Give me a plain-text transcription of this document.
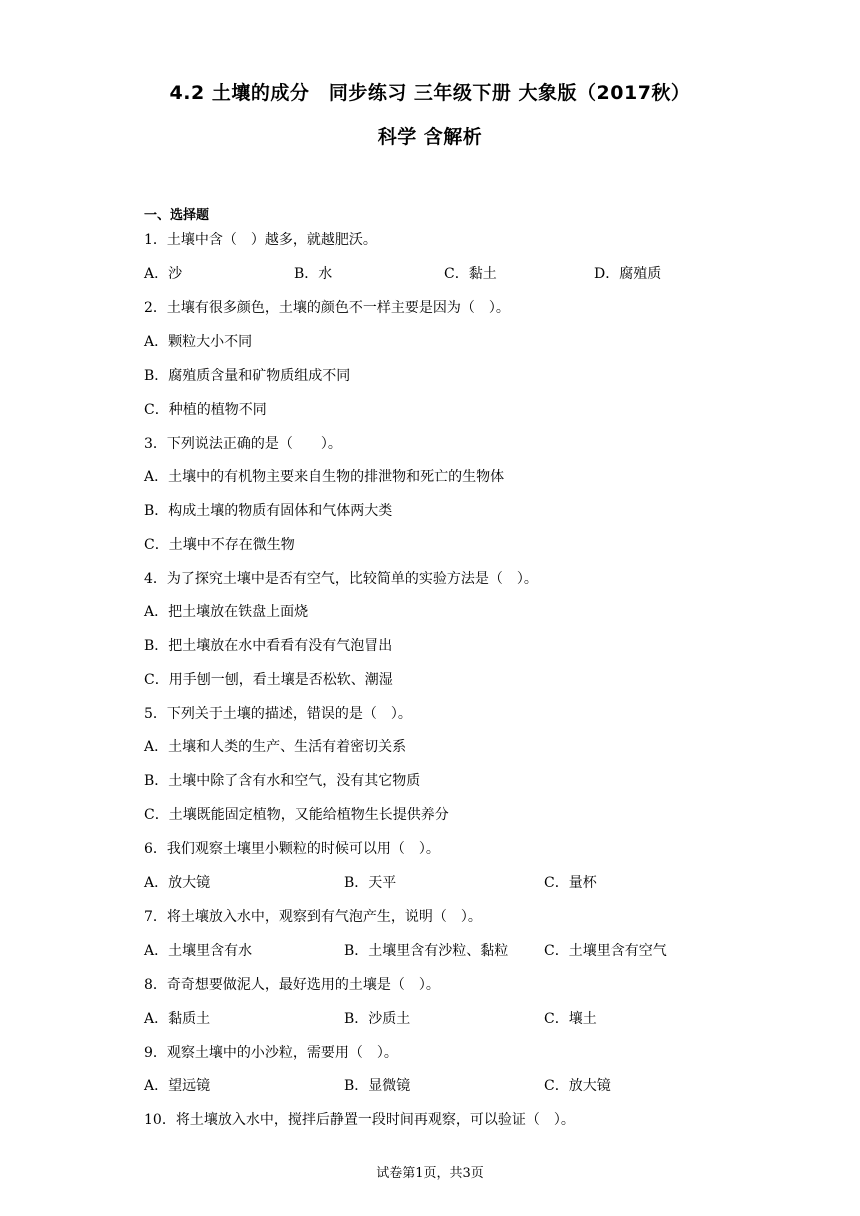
4.2 土壤的成分　同步练习 三年级下册 大象版（2017秋）
科学 含解析
一、选择题
1．土壤中含（　）越多，就越肥沃。
A．沙	B．水	C．黏土	D．腐殖质
2．土壤有很多颜色，土壤的颜色不一样主要是因为（　）。
A．颗粒大小不同
B．腐殖质含量和矿物质组成不同
C．种植的植物不同
3．下列说法正确的是（　　）。
A．土壤中的有机物主要来自生物的排泄物和死亡的生物体
B．构成土壤的物质有固体和气体两大类
C．土壤中不存在微生物
4．为了探究土壤中是否有空气，比较简单的实验方法是（　）。
A．把土壤放在铁盘上面烧
B．把土壤放在水中看看有没有气泡冒出
C．用手刨一刨，看土壤是否松软、潮湿
5．下列关于土壤的描述，错误的是（　）。
A．土壤和人类的生产、生活有着密切关系
B．土壤中除了含有水和空气，没有其它物质
C．土壤既能固定植物，又能给植物生长提供养分
6．我们观察土壤里小颗粒的时候可以用（　）。
A．放大镜	B．天平	C．量杯
7．将土壤放入水中，观察到有气泡产生，说明（　）。
A．土壤里含有水	B．土壤里含有沙粒、黏粒	C．土壤里含有空气
8．奇奇想要做泥人，最好选用的土壤是（　）。
A．黏质土	B．沙质土	C．壤土
9．观察土壤中的小沙粒，需要用（　）。
A．望远镜	B．显微镜	C．放大镜
10．将土壤放入水中，搅拌后静置一段时间再观察，可以验证（　）。
试卷第1页，共3页
